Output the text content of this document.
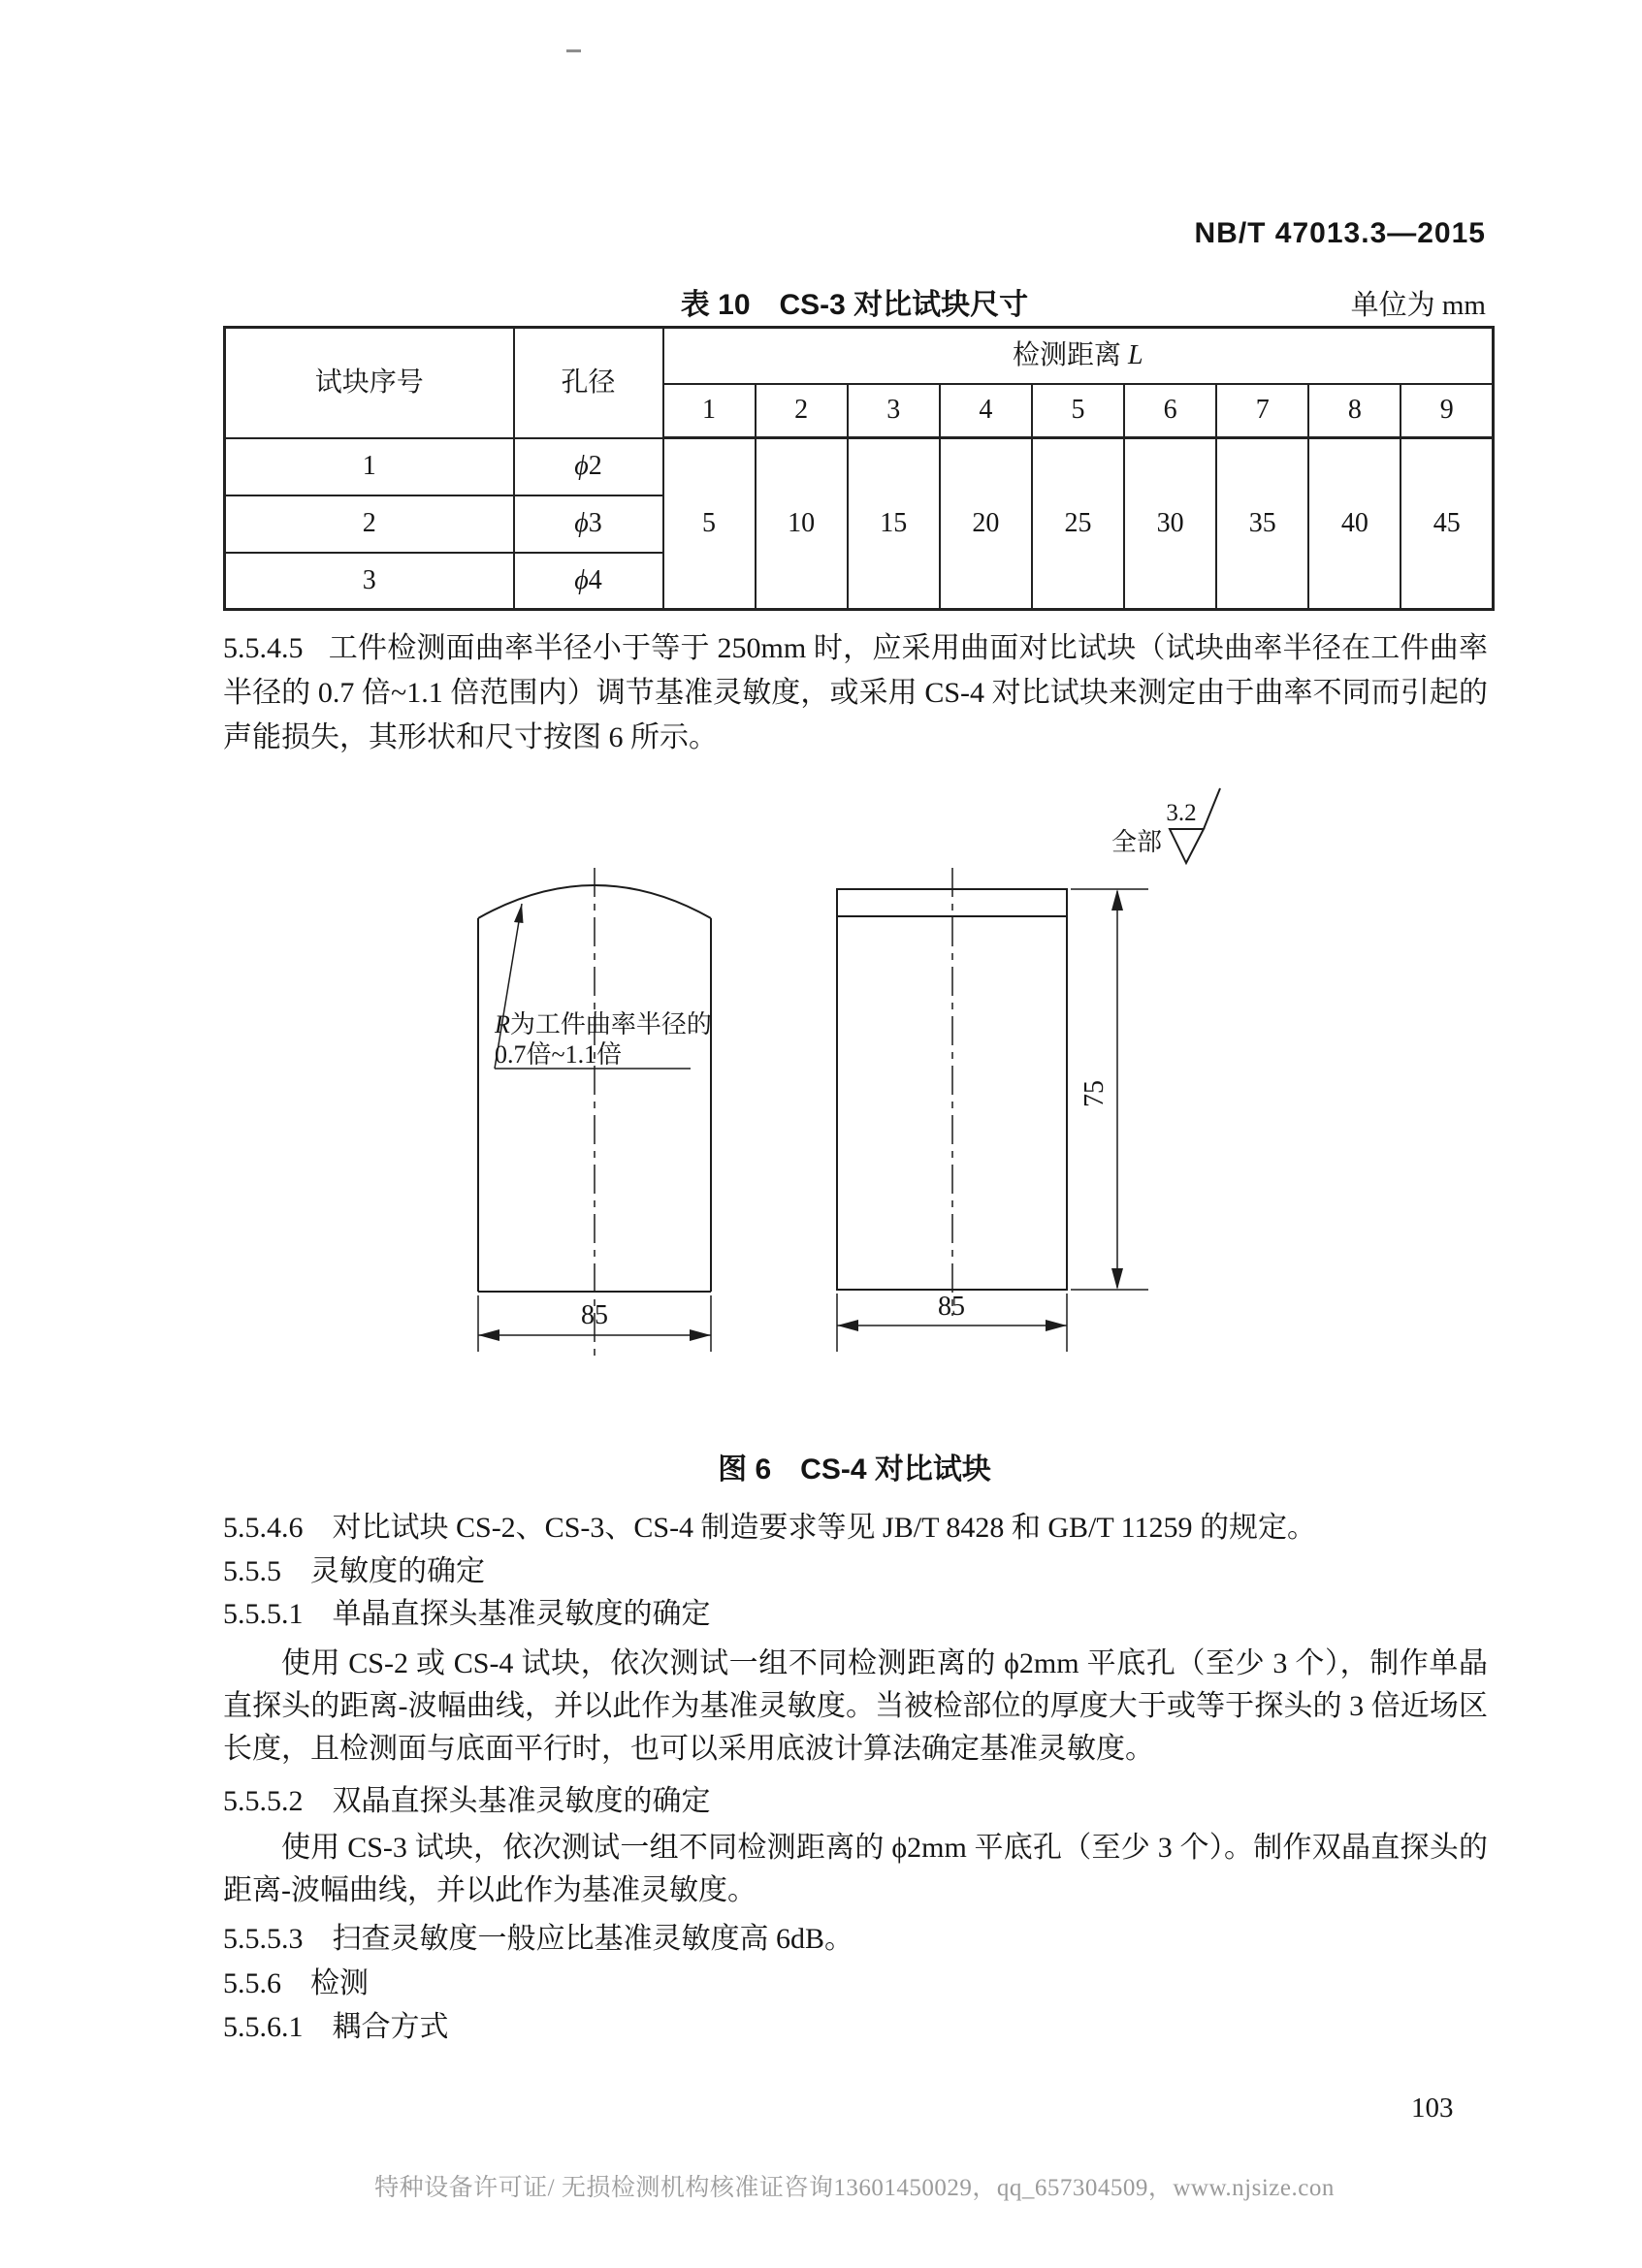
NB/T 47013.3—2015
表 10　CS-3 对比试块尺寸	单位为 mm
试块序号	孔径	检测距离 L								
		1	2	3	4	5	6	7	8	9
1	ϕ2	5	10	15	20	25	30	35	40	45
2	ϕ3									
3	ϕ4									
5.5.4.5 工件检测面曲率半径小于等于 250mm 时，应采用曲面对比试块（试块曲率半径在工件曲率半径的 0.7 倍~1.1 倍范围内）调节基准灵敏度，或采用 CS-4 对比试块来测定由于曲率不同而引起的声能损失，其形状和尺寸按图 6 所示。
全部
3.2
R为工件曲率半径的
0.7倍~1.1倍
85
75
85
图 6　CS-4 对比试块
5.5.4.6 对比试块 CS-2、CS-3、CS-4 制造要求等见 JB/T 8428 和 GB/T 11259 的规定。
5.5.5 灵敏度的确定
5.5.5.1 单晶直探头基准灵敏度的确定
使用 CS-2 或 CS-4 试块，依次测试一组不同检测距离的 ϕ2mm 平底孔（至少 3 个），制作单晶直探头的距离-波幅曲线，并以此作为基准灵敏度。当被检部位的厚度大于或等于探头的 3 倍近场区长度，且检测面与底面平行时，也可以采用底波计算法确定基准灵敏度。
5.5.5.2 双晶直探头基准灵敏度的确定
使用 CS-3 试块，依次测试一组不同检测距离的 ϕ2mm 平底孔（至少 3 个）。制作双晶直探头的距离-波幅曲线，并以此作为基准灵敏度。
5.5.5.3 扫查灵敏度一般应比基准灵敏度高 6dB。
5.5.6 检测
5.5.6.1 耦合方式
103
特种设备许可证/ 无损检测机构核准证咨询13601450029，qq_657304509，www.njsize.con
